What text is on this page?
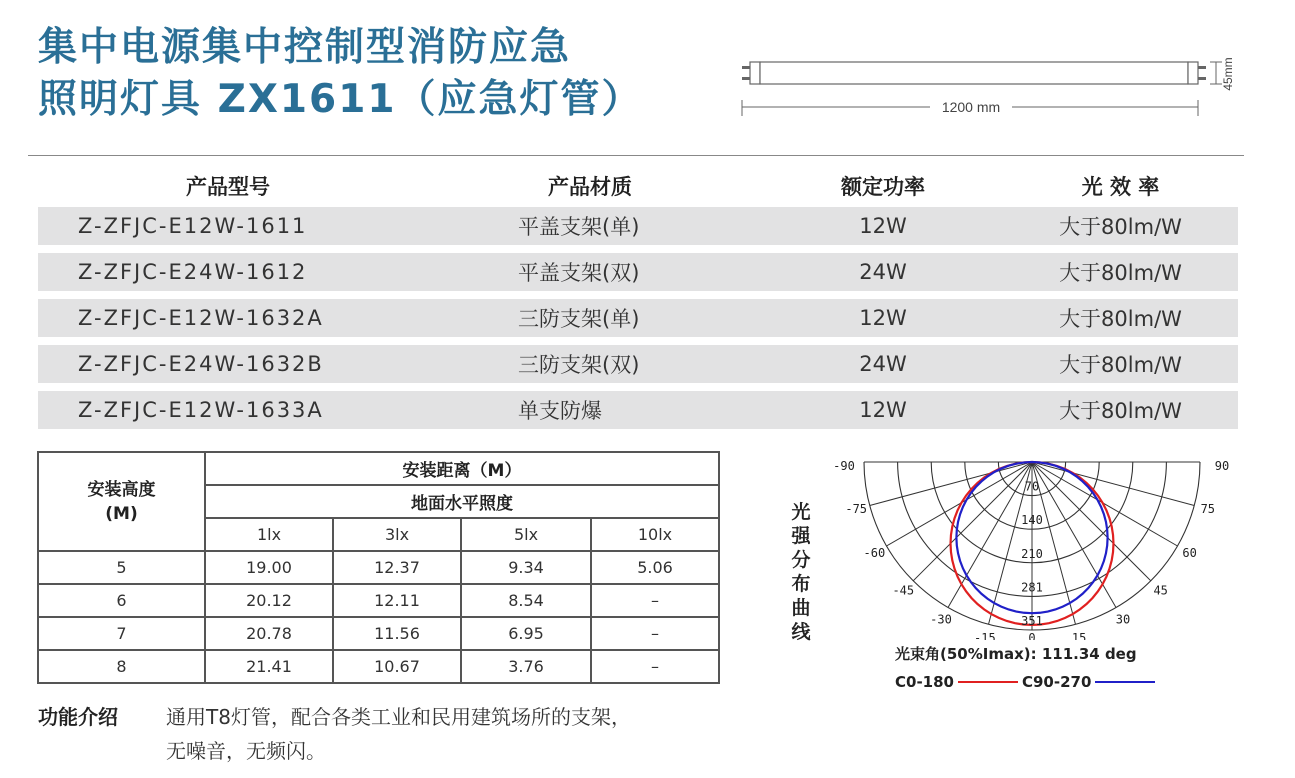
集中电源集中控制型消防应急
照明灯具 ZX1611（应急灯管）
45mm
1200 mm
产品型号	产品材质	额定功率	光 效 率
Z-ZFJC-E12W-1611	平盖支架(单)	12W	大于80lm/W
Z-ZFJC-E24W-1612	平盖支架(双)	24W	大于80lm/W
Z-ZFJC-E12W-1632A	三防支架(单)	12W	大于80lm/W
Z-ZFJC-E24W-1632B	三防支架(双)	24W	大于80lm/W
Z-ZFJC-E12W-1633A	单支防爆	12W	大于80lm/W
安装高度(M)	安装距离（M）			
	地面水平照度			
	1lx	3lx	5lx	10lx
5	19.00	12.37	9.34	5.06
6	20.12	12.11	8.54	–
7	20.78	11.56	6.95	–
8	21.41	10.67	3.76	–
功能介绍	通用T8灯管，配合各类工业和民用建筑场所的支架，
无噪音，无频闪。
光强分布曲线
-90	90
-75	75
-60	60
-45	45
-30	30
-15	15
0
70
140
210
281
351
光束角(50%Imax): 111.34 deg
C0-180	C90-270
